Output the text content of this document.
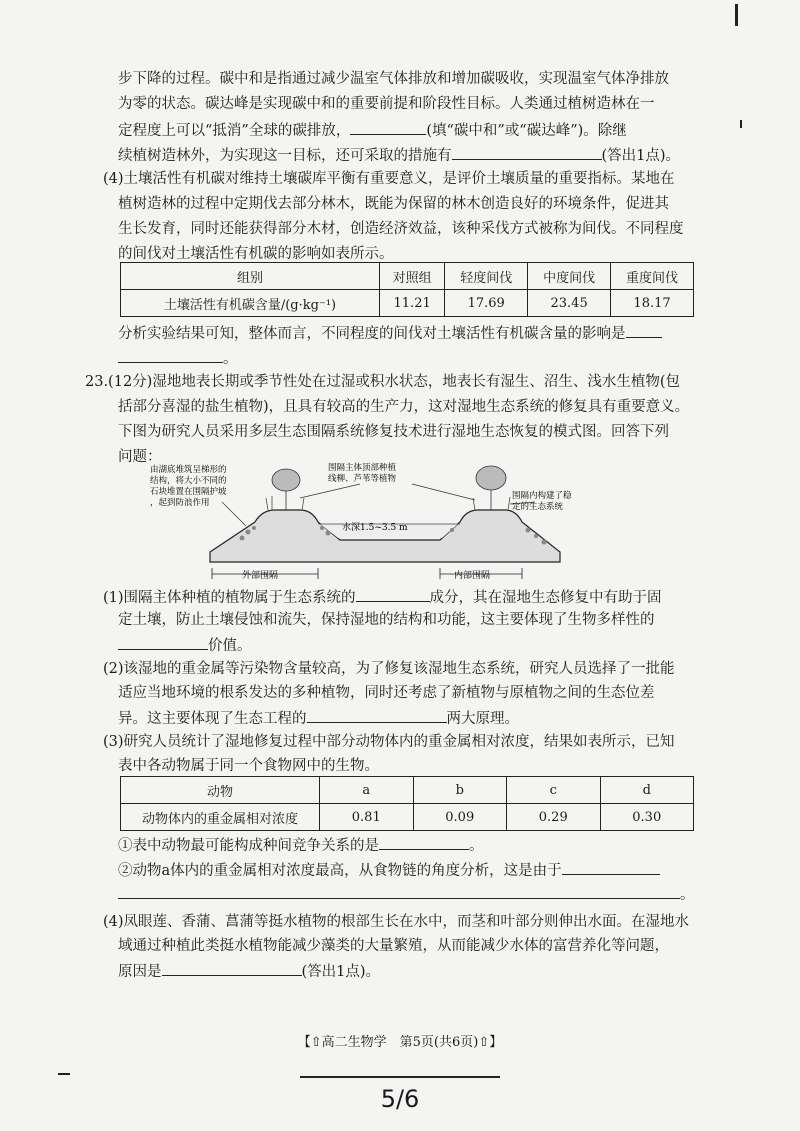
步下降的过程。碳中和是指通过减少温室气体排放和增加碳吸收，实现温室气体净排放
为零的状态。碳达峰是实现碳中和的重要前提和阶段性目标。人类通过植树造林在一
定程度上可以“抵消”全球的碳排放，	(填“碳中和”或“碳达峰”)。除继
续植树造林外，为实现这一目标，还可采取的措施有	(答出1点)。
(4)土壤活性有机碳对维持土壤碳库平衡有重要意义，是评价土壤质量的重要指标。某地在
植树造林的过程中定期伐去部分林木，既能为保留的林木创造良好的环境条件，促进其
生长发育，同时还能获得部分木材，创造经济效益，该种采伐方式被称为间伐。不同程度
的间伐对土壤活性有机碳的影响如表所示。
组别	对照组	轻度间伐	中度间伐	重度间伐
土壤活性有机碳含量/(g·kg⁻¹)	11.21	17.69	23.45	18.17
分析实验结果可知，整体而言，不同程度的间伐对土壤活性有机碳含量的影响是
。
23.(12分)湿地地表长期或季节性处在过湿或积水状态，地表长有湿生、沼生、浅水生植物(包
括部分喜湿的盐生植物)，且具有较高的生产力，这对湿地生态系统的修复具有重要意义。
下图为研究人员采用多层生态围隔系统修复技术进行湿地生态恢复的模式图。回答下列
问题：
由湖底堆筑呈梯形的 结构，将大小不同的 石块堆置在围隔护坡 ，起到防浪作用
围隔主体顶部种植 线柳、芦苇等植物
围隔内构建了稳 定的生态系统
水深1.5~3.5 m
外部围隔	内部围隔
(1)围隔主体种植的植物属于生态系统的	成分，其在湿地生态修复中有助于固
定土壤，防止土壤侵蚀和流失，保持湿地的结构和功能，这主要体现了生物多样性的
价值。
(2)该湿地的重金属等污染物含量较高，为了修复该湿地生态系统，研究人员选择了一批能
适应当地环境的根系发达的多种植物，同时还考虑了新植物与原植物之间的生态位差
异。这主要体现了生态工程的	两大原理。
(3)研究人员统计了湿地修复过程中部分动物体内的重金属相对浓度，结果如表所示，已知
表中各动物属于同一个食物网中的生物。
动物	a	b	c	d
动物体内的重金属相对浓度	0.81	0.09	0.29	0.30
①表中动物最可能构成种间竞争关系的是	。
②动物a体内的重金属相对浓度最高，从食物链的角度分析，这是由于
。
(4)凤眼莲、香蒲、菖蒲等挺水植物的根部生长在水中，而茎和叶部分则伸出水面。在湿地水
域通过种植此类挺水植物能减少藻类的大量繁殖，从而能减少水体的富营养化等问题，
原因是	(答出1点)。
【⇧高二生物学　第5页(共6页)⇧】
5/6
